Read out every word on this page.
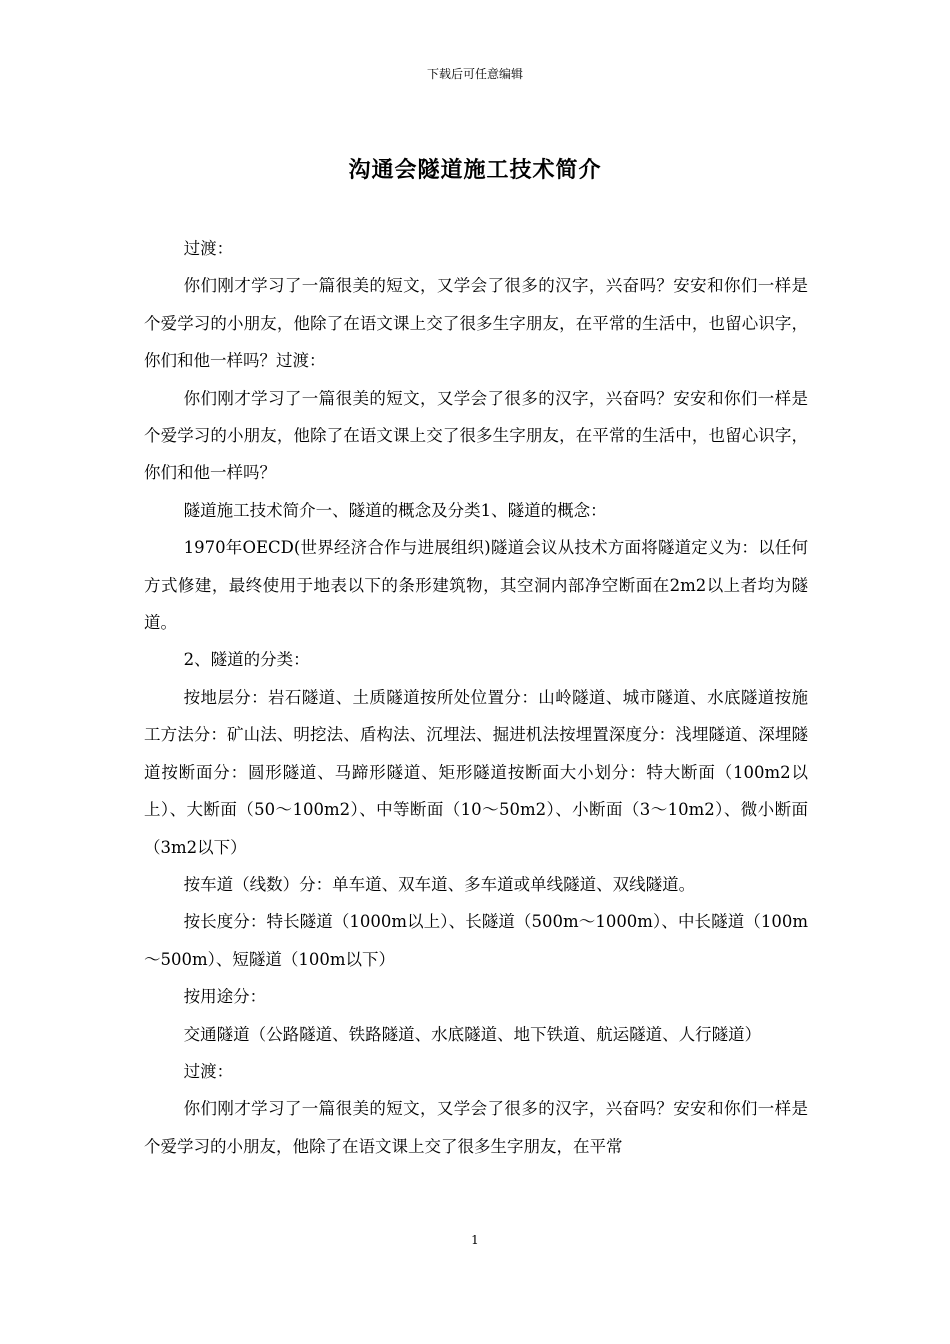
下载后可任意编辑
沟通会隧道施工技术简介

过渡：

你们刚才学习了一篇很美的短文，又学会了很多的汉字，兴奋吗？安安和你们一样是个爱学习的小朋友，他除了在语文课上交了很多生字朋友，在平常的生活中，也留心识字，你们和他一样吗？过渡：

你们刚才学习了一篇很美的短文，又学会了很多的汉字，兴奋吗？安安和你们一样是个爱学习的小朋友，他除了在语文课上交了很多生字朋友，在平常的生活中，也留心识字，你们和他一样吗？

隧道施工技术简介一、隧道的概念及分类1、隧道的概念：

1970年OECD(世界经济合作与进展组织)隧道会议从技术方面将隧道定义为：以任何方式修建，最终使用于地表以下的条形建筑物，其空洞内部净空断面在2m2以上者均为隧道。

2、隧道的分类：

按地层分：岩石隧道、土质隧道按所处位置分：山岭隧道、城市隧道、水底隧道按施工方法分：矿山法、明挖法、盾构法、沉埋法、掘进机法按埋置深度分：浅埋隧道、深埋隧道按断面分：圆形隧道、马蹄形隧道、矩形隧道按断面大小划分：特大断面（100m2以上）、大断面（50～100m2）、中等断面（10～50m2）、小断面（3～10m2）、微小断面（3m2以下）

按车道（线数）分：单车道、双车道、多车道或单线隧道、双线隧道。

按长度分：特长隧道（1000m以上）、长隧道（500m～1000m）、中长隧道（100m～500m）、短隧道（100m以下）

按用途分：

交通隧道（公路隧道、铁路隧道、水底隧道、地下铁道、航运隧道、人行隧道）

过渡：

你们刚才学习了一篇很美的短文，又学会了很多的汉字，兴奋吗？安安和你们一样是个爱学习的小朋友，他除了在语文课上交了很多生字朋友，在平常

1
